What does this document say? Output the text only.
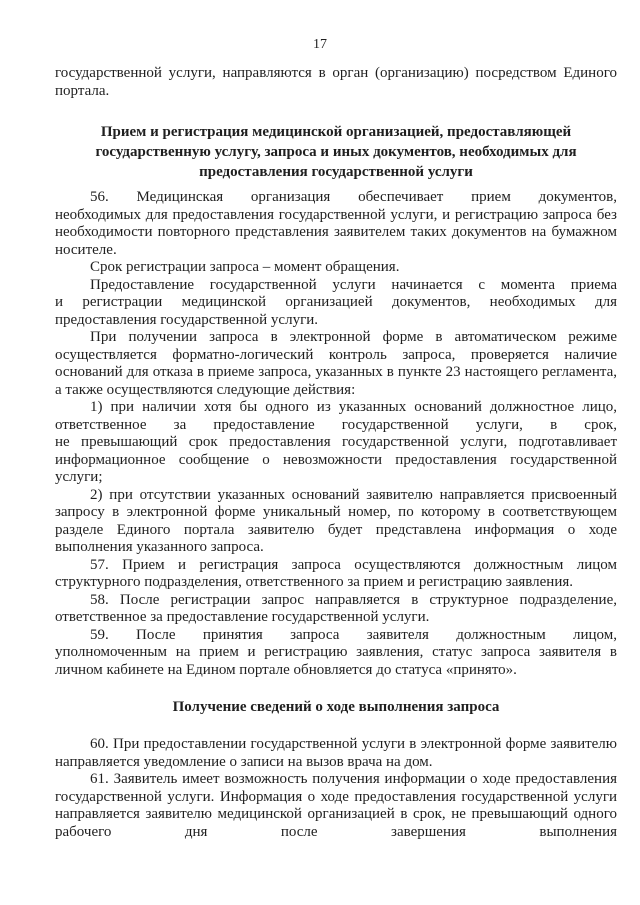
17

государственной услуги, направляются в орган (организацию) посредством Единого портала.

Прием и регистрация медицинской организацией, предоставляющей государственную услугу, запроса и иных документов, необходимых для предоставления государственной услуги

56. Медицинская организация обеспечивает прием документов,
необходимых для предоставления государственной услуги, и регистрацию запроса без необходимости повторного представления заявителем таких документов на бумажном носителе.

Срок регистрации запроса – момент обращения.

Предоставление государственной услуги начинается с момента приема
и регистрации медицинской организацией документов, необходимых для предоставления государственной услуги.

При получении запроса в электронной форме в автоматическом режиме осуществляется форматно-логический контроль запроса, проверяется наличие оснований для отказа в приеме запроса, указанных в пункте 23 настоящего регламента, а также осуществляются следующие действия:

1) при наличии хотя бы одного из указанных оснований должностное лицо, ответственное за предоставление государственной услуги, в срок,
не превышающий срок предоставления государственной услуги, подготавливает информационное сообщение о невозможности предоставления государственной услуги;

2) при отсутствии указанных оснований заявителю направляется присвоенный запросу в электронной форме уникальный номер, по которому в соответствующем разделе Единого портала заявителю будет представлена информация о ходе выполнения указанного запроса.

57. Прием и регистрация запроса осуществляются должностным лицом структурного подразделения, ответственного за прием и регистрацию заявления.

58. После регистрации запрос направляется в структурное подразделение, ответственное за предоставление государственной услуги.

59. После принятия запроса заявителя должностным лицом,
уполномоченным на прием и регистрацию заявления, статус запроса заявителя в личном кабинете на Едином портале обновляется до статуса «принято».

Получение сведений о ходе выполнения запроса

60. При предоставлении государственной услуги в электронной форме заявителю направляется уведомление о записи на вызов врача на дом.

61. Заявитель имеет возможность получения информации о ходе предоставления государственной услуги. Информация о ходе предоставления государственной услуги направляется заявителю медицинской организацией в срок, не превышающий одного рабочего дня после завершения выполнения
